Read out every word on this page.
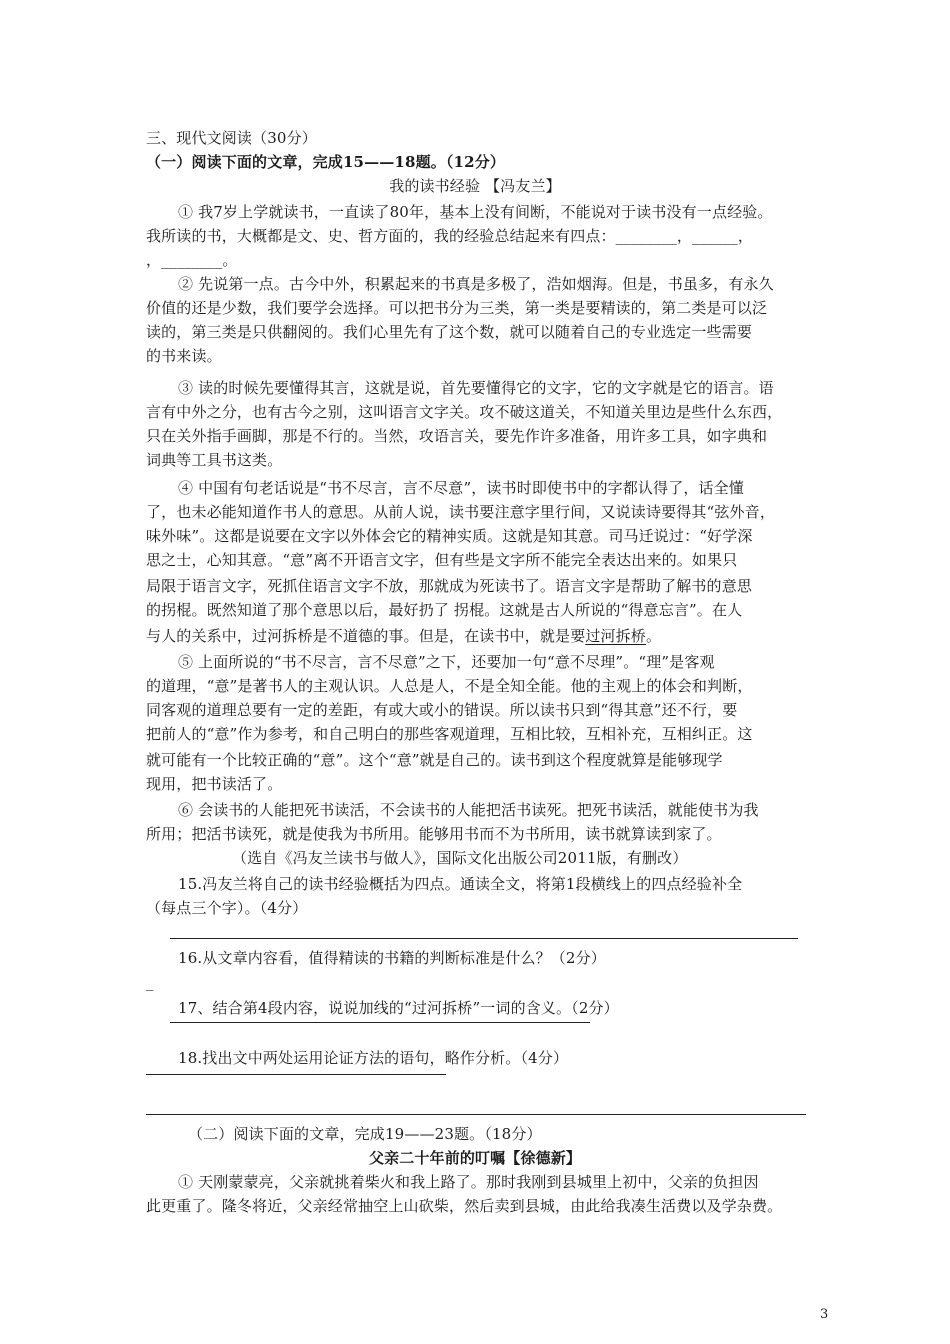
三、现代文阅读（30分）
（一）阅读下面的文章，完成15——18题。（12分）
我的读书经验 【冯友兰】
① 我7岁上学就读书，一直读了80年，基本上没有间断，不能说对于读书没有一点经验。
我所读的书，大概都是文、史、哲方面的，我的经验总结起来有四点：________，______，
，________。
② 先说第一点。古今中外，积累起来的书真是多极了，浩如烟海。但是，书虽多，有永久
价值的还是少数，我们要学会选择。可以把书分为三类，第一类是要精读的，第二类是可以泛
读的，第三类是只供翻阅的。我们心里先有了这个数，就可以随着自己的专业选定一些需要
的书来读。
③ 读的时候先要懂得其言，这就是说，首先要懂得它的文字，它的文字就是它的语言。语
言有中外之分，也有古今之别，这叫语言文字关。攻不破这道关，不知道关里边是些什么东西，
只在关外指手画脚，那是不行的。当然，攻语言关，要先作许多准备，用许多工具，如字典和
词典等工具书这类。
④ 中国有句老话说是“书不尽言，言不尽意”，读书时即使书中的字都认得了，话全懂
了，也未必能知道作书人的意思。从前人说，读书要注意字里行间，又说读诗要得其“弦外音，
味外味”。这都是说要在文字以外体会它的精神实质。这就是知其意。司马迁说过：“好学深
思之士，心知其意。“意”离不开语言文字，但有些是文字所不能完全表达出来的。如果只
局限于语言文字，死抓住语言文字不放，那就成为死读书了。语言文字是帮助了解书的意思
的拐棍。既然知道了那个意思以后，最好扔了 拐棍。这就是古人所说的“得意忘言”。在人
与人的关系中，过河拆桥是不道德的事。但是，在读书中，就是要过河拆桥。
⑤ 上面所说的“书不尽言，言不尽意”之下，还要加一句“意不尽理”。“理”是客观
的道理，“意”是著书人的主观认识。人总是人，不是全知全能。他的主观上的体会和判断，
同客观的道理总要有一定的差距，有或大或小的错误。所以读书只到“得其意”还不行，要
把前人的“意”作为参考，和自己明白的那些客观道理，互相比较，互相补充，互相纠正。这
就可能有一个比较正确的“意”。这个“意”就是自己的。读书到这个程度就算是能够现学
现用，把书读活了。
⑥ 会读书的人能把死书读活，不会读书的人能把活书读死。把死书读活，就能使书为我
所用；把活书读死，就是使我为书所用。能够用书而不为书所用，读书就算读到家了。
（选自《冯友兰读书与做人》，国际文化出版公司2011版，有删改）
15.冯友兰将自己的读书经验概括为四点。通读全文，将第1段横线上的四点经验补全
（每点三个字）。（4分）
16.从文章内容看，值得精读的书籍的判断标准是什么？（2分）
_
17、结合第4段内容，说说加线的“过河拆桥”一词的含义。（2分）
18.找出文中两处运用论证方法的语句，略作分析。（4分）
（二）阅读下面的文章，完成19——23题。（18分）
父亲二十年前的叮嘱【徐德新】
① 天刚蒙蒙亮，父亲就挑着柴火和我上路了。那时我刚到县城里上初中，父亲的负担因
此更重了。隆冬将近，父亲经常抽空上山砍柴，然后卖到县城，由此给我凑生活费以及学杂费。
3
